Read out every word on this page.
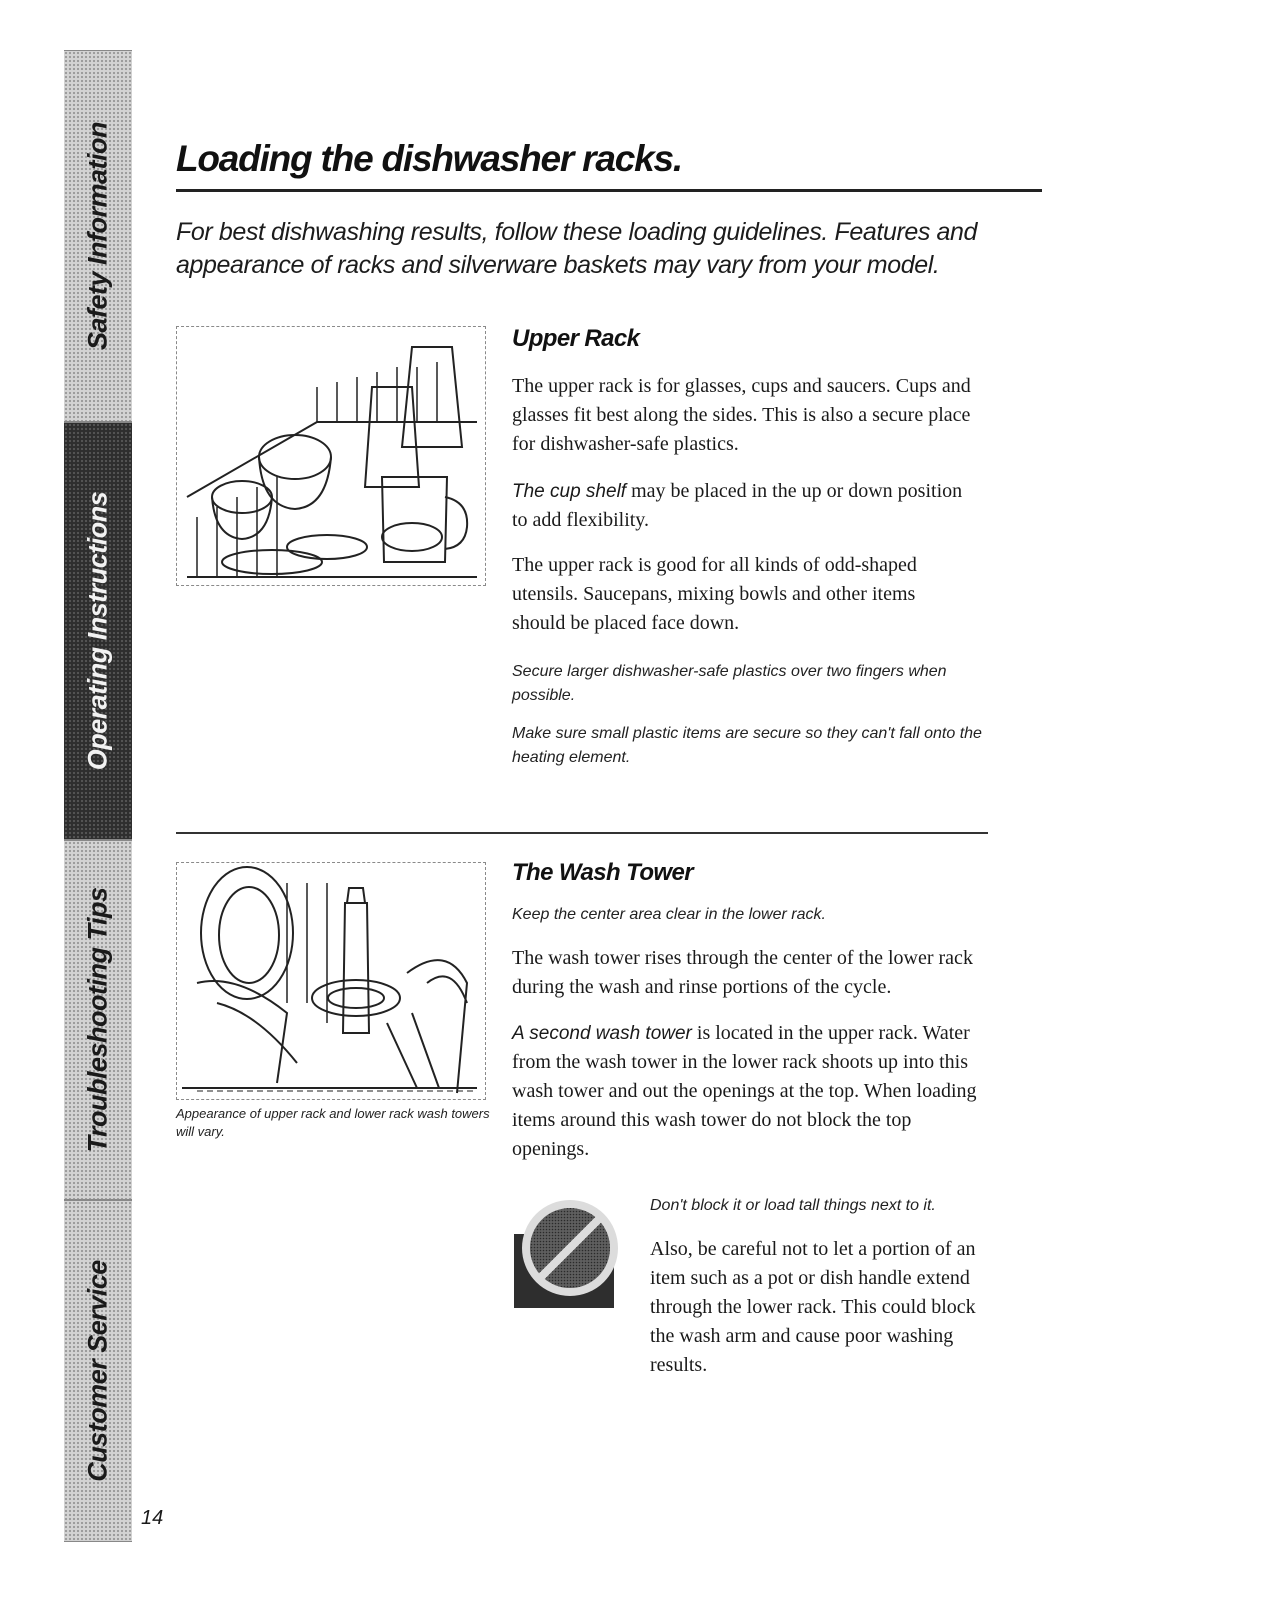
Safety Information
Operating Instructions
Troubleshooting Tips
Customer Service
14
Loading the dishwasher racks.

For best dishwashing results, follow these loading guidelines. Features and appearance of racks and silverware baskets may vary from your model.

Upper Rack

The upper rack is for glasses, cups and saucers. Cups and glasses fit best along the sides. This is also a secure place for dishwasher-safe plastics.

The cup shelf may be placed in the up or down position to add flexibility.

The upper rack is good for all kinds of odd-shaped utensils. Saucepans, mixing bowls and other items should be placed face down.

Secure larger dishwasher-safe plastics over two fingers when possible.

Make sure small plastic items are secure so they can't fall onto the heating element.

Appearance of upper rack and lower rack wash towers will vary.

The Wash Tower

Keep the center area clear in the lower rack.

The wash tower rises through the center of the lower rack during the wash and rinse portions of the cycle.

A second wash tower is located in the upper rack. Water from the wash tower in the lower rack shoots up into this wash tower and out the openings at the top. When loading items around this wash tower do not block the top openings.

Don't block it or load tall things next to it.

Also, be careful not to let a portion of an item such as a pot or dish handle extend through the lower rack. This could block the wash arm and cause poor washing results.
